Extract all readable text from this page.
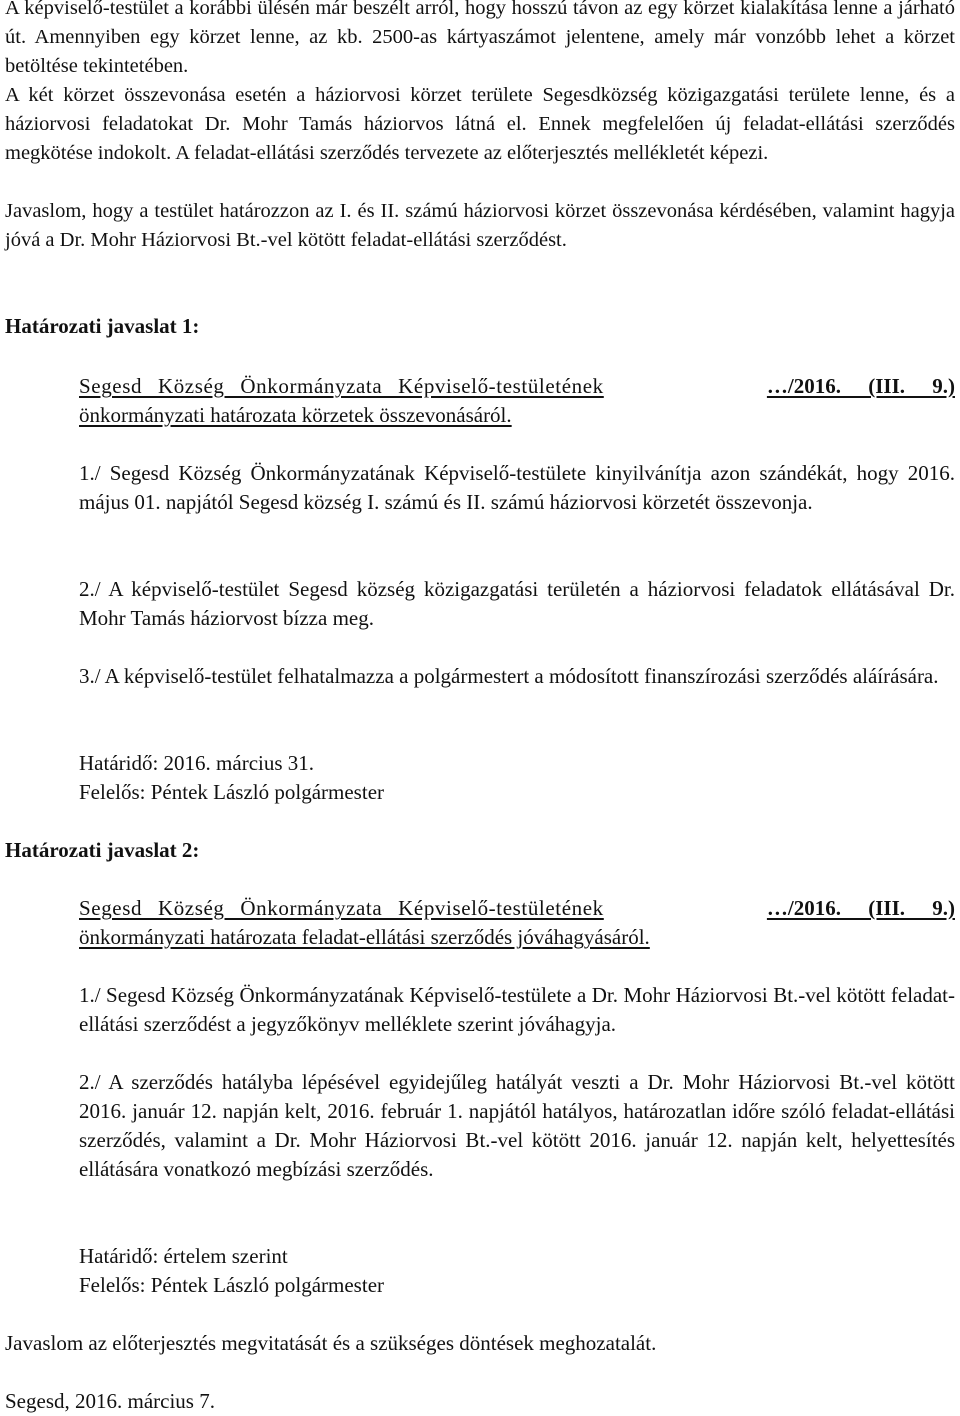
A képviselő-testület a korábbi ülésén már beszélt arról, hogy hosszú távon az egy körzet kialakítása lenne a járható út. Amennyiben egy körzet lenne, az kb. 2500-as kártyaszámot jelentene, amely már vonzóbb lehet a körzet betöltése tekintetében.

A két körzet összevonása esetén a háziorvosi körzet területe Segesdközség közigazgatási területe lenne, és a háziorvosi feladatokat Dr. Mohr Tamás háziorvos látná el. Ennek megfelelően új feladat-ellátási szerződés megkötése indokolt. A feladat-ellátási szerződés tervezete az előterjesztés mellékletét képezi.

Javaslom, hogy a testület határozzon az I. és II. számú háziorvosi körzet összevonása kérdésében, valamint hagyja jóvá a Dr. Mohr Háziorvosi Bt.-vel kötött feladat-ellátási szerződést.

Határozati javaslat 1:

Segesd Község Önkormányzata Képviselő-testületének	…/2016. (III. 9.)

önkormányzati határozata körzetek összevonásáról.

1./ Segesd Község Önkormányzatának Képviselő-testülete kinyilvánítja azon szándékát, hogy 2016. május 01. napjától Segesd község I. számú és II. számú háziorvosi körzetét összevonja.

2./ A képviselő-testület Segesd község közigazgatási területén a háziorvosi feladatok ellátásával Dr. Mohr Tamás háziorvost bízza meg.

3./ A képviselő-testület felhatalmazza a polgármestert a módosított finanszírozási szerződés aláírására.

Határidő: 2016. március 31.

Felelős: Péntek László polgármester

Határozati javaslat 2:

Segesd Község Önkormányzata Képviselő-testületének	…/2016. (III. 9.)

önkormányzati határozata feladat-ellátási szerződés jóváhagyásáról.

1./ Segesd Község Önkormányzatának Képviselő-testülete a Dr. Mohr Háziorvosi Bt.-vel kötött feladat-ellátási szerződést a jegyzőkönyv melléklete szerint jóváhagyja.

2./ A szerződés hatályba lépésével egyidejűleg hatályát veszti a Dr. Mohr Háziorvosi Bt.-vel kötött 2016. január 12. napján kelt, 2016. február 1. napjától hatályos, határozatlan időre szóló feladat-ellátási szerződés, valamint a Dr. Mohr Háziorvosi Bt.-vel kötött 2016. január 12. napján kelt, helyettesítés ellátására vonatkozó megbízási szerződés.

Határidő: értelem szerint

Felelős: Péntek László polgármester

Javaslom az előterjesztés megvitatását és a szükséges döntések meghozatalát.

Segesd, 2016. március 7.
